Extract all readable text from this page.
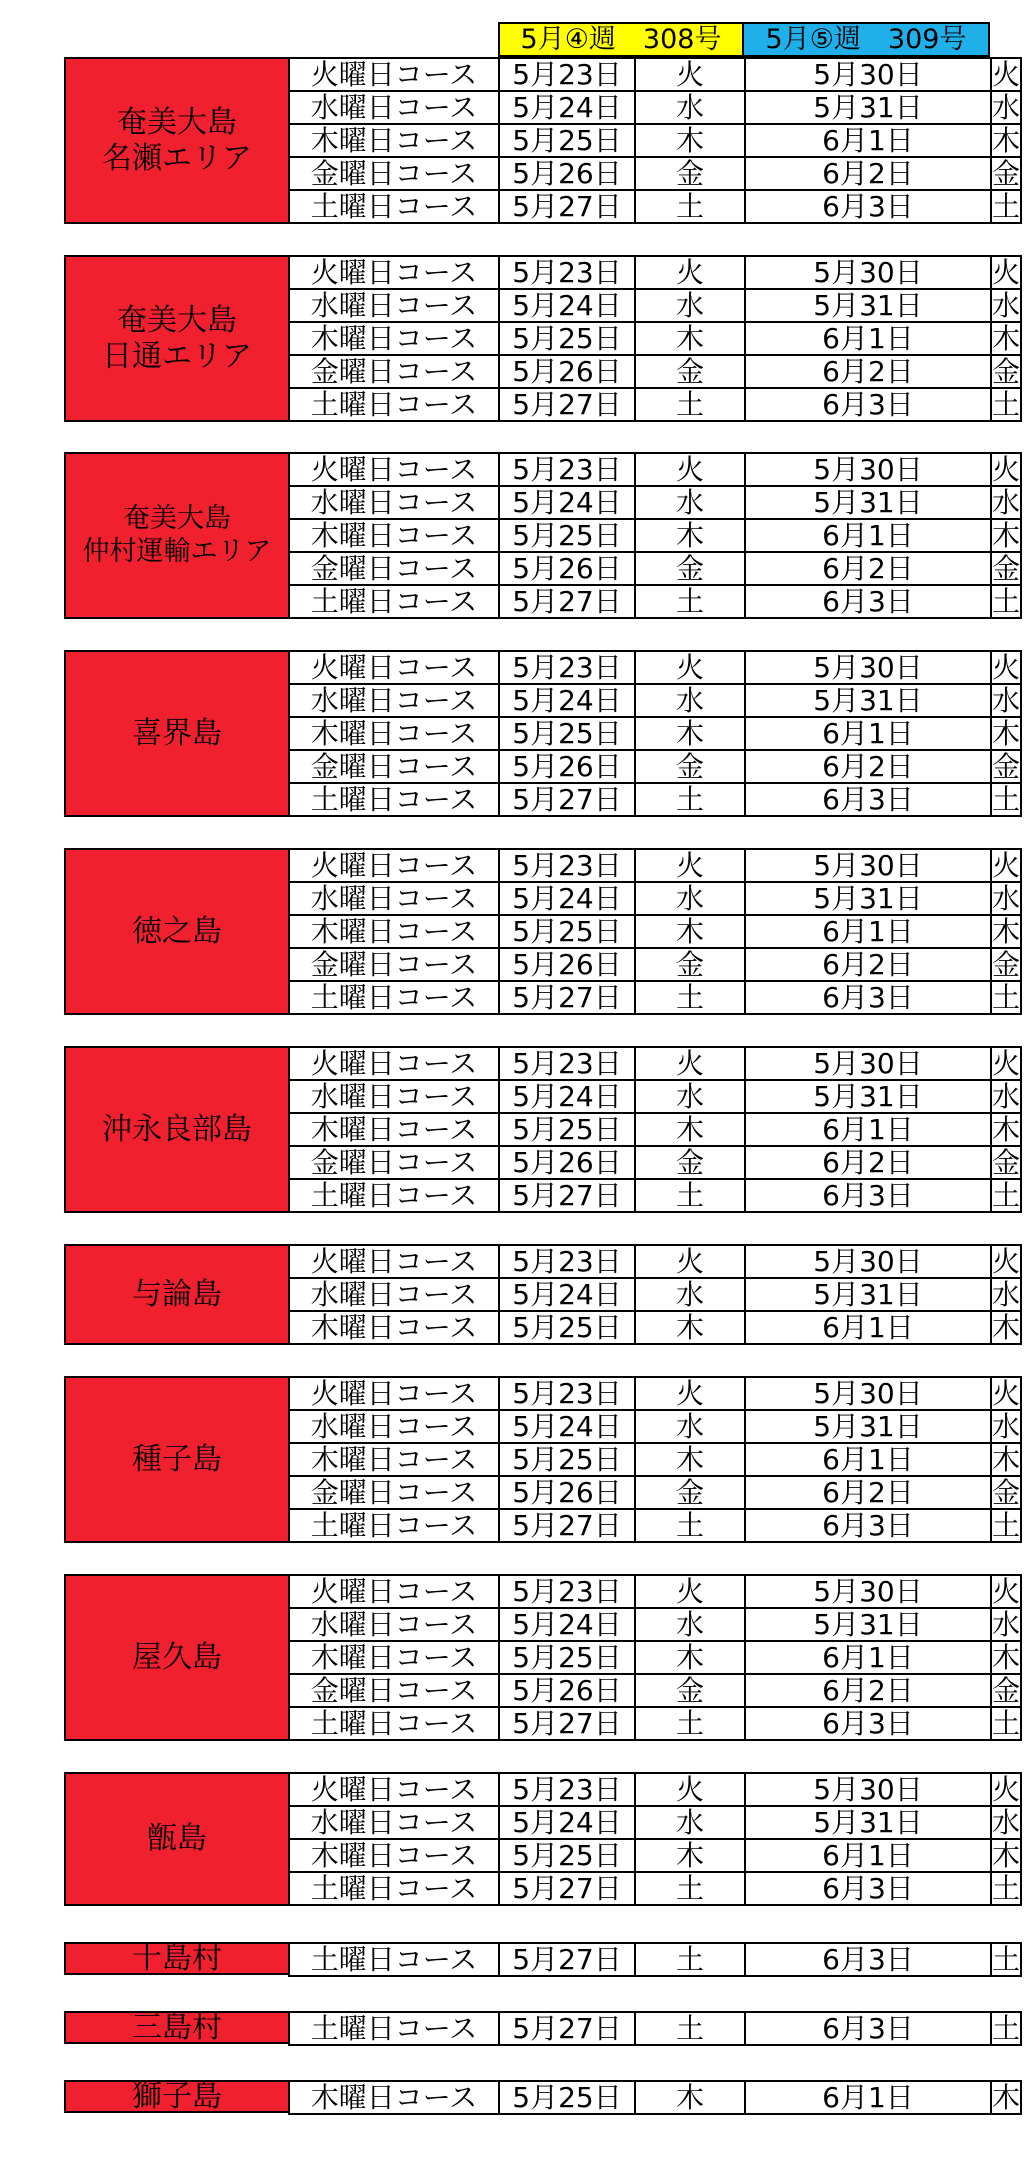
5月④週　308号	5月⑤週　309号
奄美大島
名瀬エリア
火曜日コース	5月23日	火	5月30日	火
水曜日コース	5月24日	水	5月31日	水
木曜日コース	5月25日	木	6月1日	木
金曜日コース	5月26日	金	6月2日	金
土曜日コース	5月27日	土	6月3日	土
奄美大島
日通エリア
火曜日コース	5月23日	火	5月30日	火
水曜日コース	5月24日	水	5月31日	水
木曜日コース	5月25日	木	6月1日	木
金曜日コース	5月26日	金	6月2日	金
土曜日コース	5月27日	土	6月3日	土
奄美大島
仲村運輸エリア
火曜日コース	5月23日	火	5月30日	火
水曜日コース	5月24日	水	5月31日	水
木曜日コース	5月25日	木	6月1日	木
金曜日コース	5月26日	金	6月2日	金
土曜日コース	5月27日	土	6月3日	土
喜界島
火曜日コース	5月23日	火	5月30日	火
水曜日コース	5月24日	水	5月31日	水
木曜日コース	5月25日	木	6月1日	木
金曜日コース	5月26日	金	6月2日	金
土曜日コース	5月27日	土	6月3日	土
徳之島
火曜日コース	5月23日	火	5月30日	火
水曜日コース	5月24日	水	5月31日	水
木曜日コース	5月25日	木	6月1日	木
金曜日コース	5月26日	金	6月2日	金
土曜日コース	5月27日	土	6月3日	土
沖永良部島
火曜日コース	5月23日	火	5月30日	火
水曜日コース	5月24日	水	5月31日	水
木曜日コース	5月25日	木	6月1日	木
金曜日コース	5月26日	金	6月2日	金
土曜日コース	5月27日	土	6月3日	土
与論島
火曜日コース	5月23日	火	5月30日	火
水曜日コース	5月24日	水	5月31日	水
木曜日コース	5月25日	木	6月1日	木
種子島
火曜日コース	5月23日	火	5月30日	火
水曜日コース	5月24日	水	5月31日	水
木曜日コース	5月25日	木	6月1日	木
金曜日コース	5月26日	金	6月2日	金
土曜日コース	5月27日	土	6月3日	土
屋久島
火曜日コース	5月23日	火	5月30日	火
水曜日コース	5月24日	水	5月31日	水
木曜日コース	5月25日	木	6月1日	木
金曜日コース	5月26日	金	6月2日	金
土曜日コース	5月27日	土	6月3日	土
甑島
火曜日コース	5月23日	火	5月30日	火
水曜日コース	5月24日	水	5月31日	水
木曜日コース	5月25日	木	6月1日	木
土曜日コース	5月27日	土	6月3日	土
十島村	土曜日コース	5月27日	土	6月3日	土
三島村	土曜日コース	5月27日	土	6月3日	土
獅子島	木曜日コース	5月25日	木	6月1日	木
